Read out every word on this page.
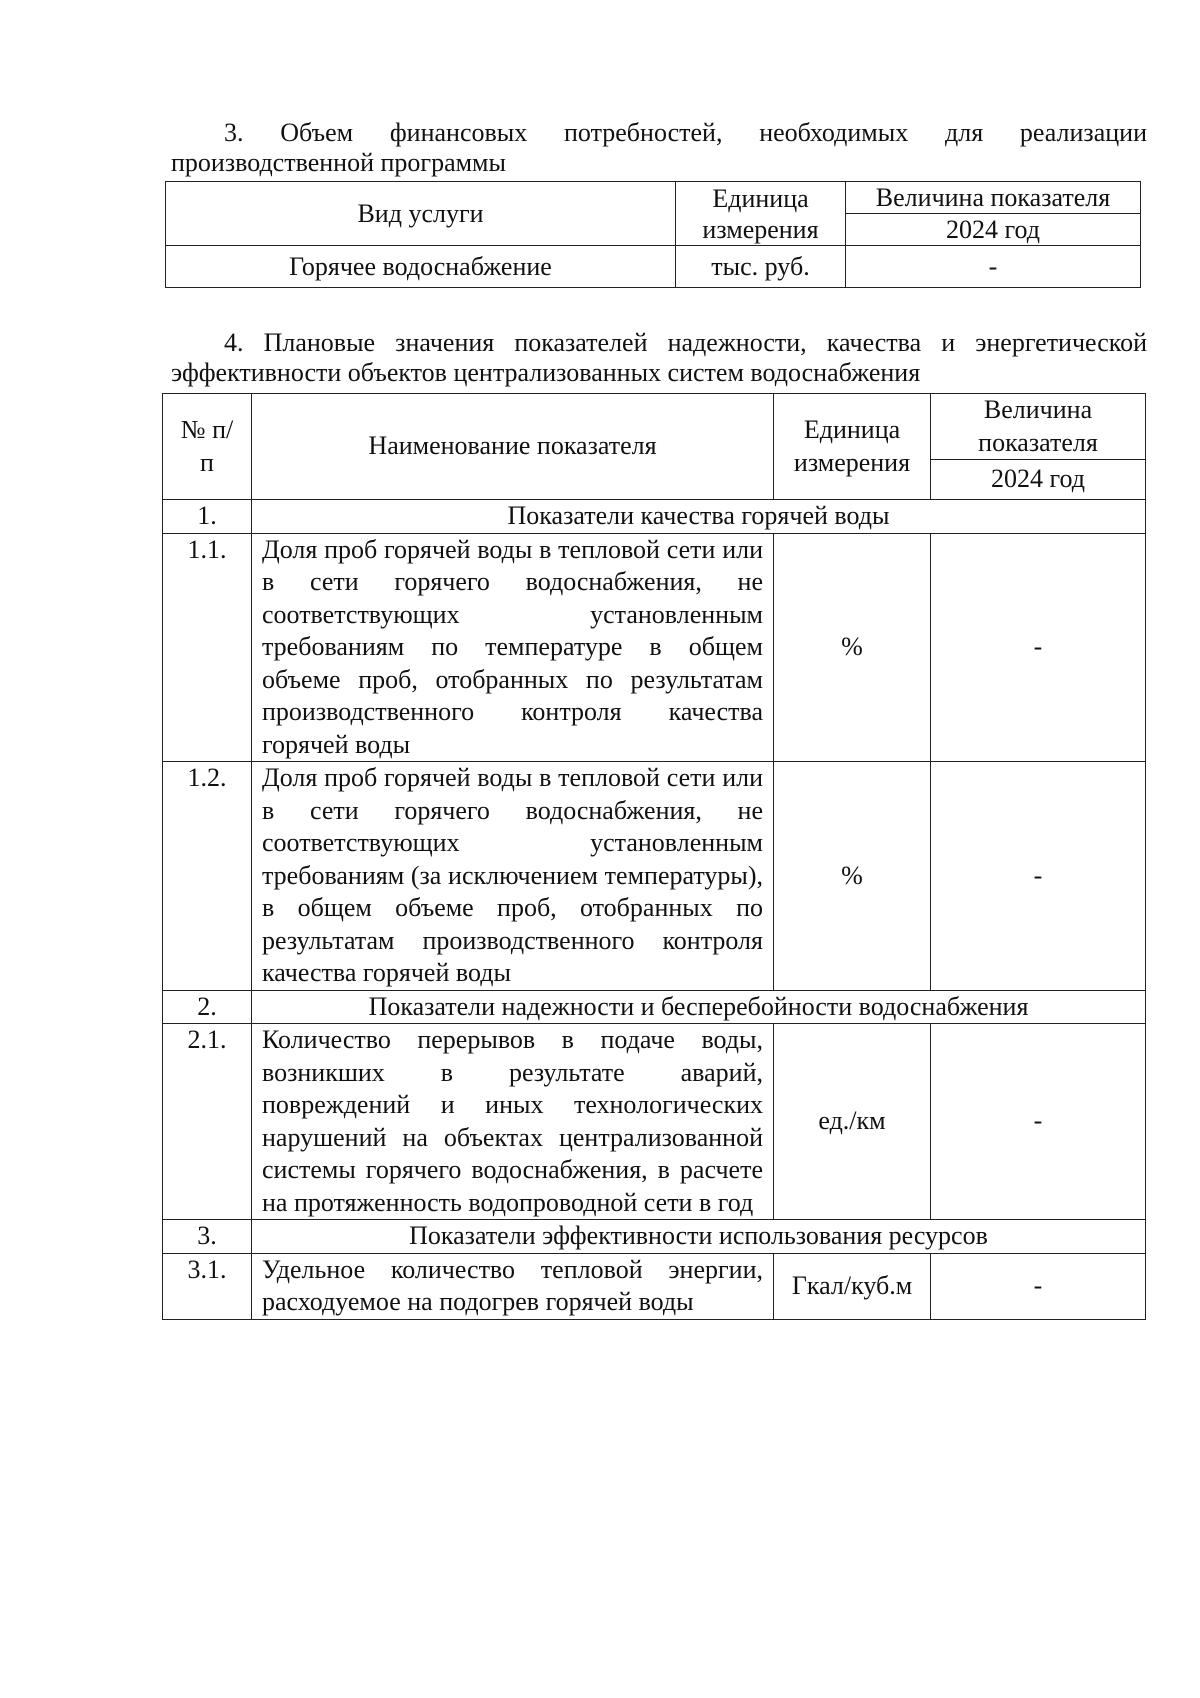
3. Объем финансовых потребностей, необходимых для реализации
производственной программы
Вид услуги	Единица измерения	Величина показателя
		2024 год
Горячее водоснабжение	тыс. руб.	-
4. Плановые значения показателей надежности, качества и энергетической
эффективности объектов централизованных систем водоснабжения
№ п/п	Наименование показателя	Единица измерения	Величина показателя
			2024 год
1.	Показатели качества горячей воды		
1.1.	Доля проб горячей воды в тепловой сети или в сети горячего водоснабжения, не соответствующих установленным требованиям по температуре в общем объеме проб, отобранных по результатам производственного контроля качества горячей воды	%	-
1.2.	Доля проб горячей воды в тепловой сети или в сети горячего водоснабжения, не соответствующих установленным требованиям (за исключением температуры), в общем объеме проб, отобранных по результатам производственного контроля качества горячей воды	%	-
2.	Показатели надежности и бесперебойности водоснабжения		
2.1.	Количество перерывов в подаче воды, возникших в результате аварий, повреждений и иных технологических нарушений на объектах централизованной системы горячего водоснабжения, в расчете на протяженность водопроводной сети в год	ед./км	-
3.	Показатели эффективности использования ресурсов		
3.1.	Удельное количество тепловой энергии, расходуемое на подогрев горячей воды	Гкал/куб.м	-
